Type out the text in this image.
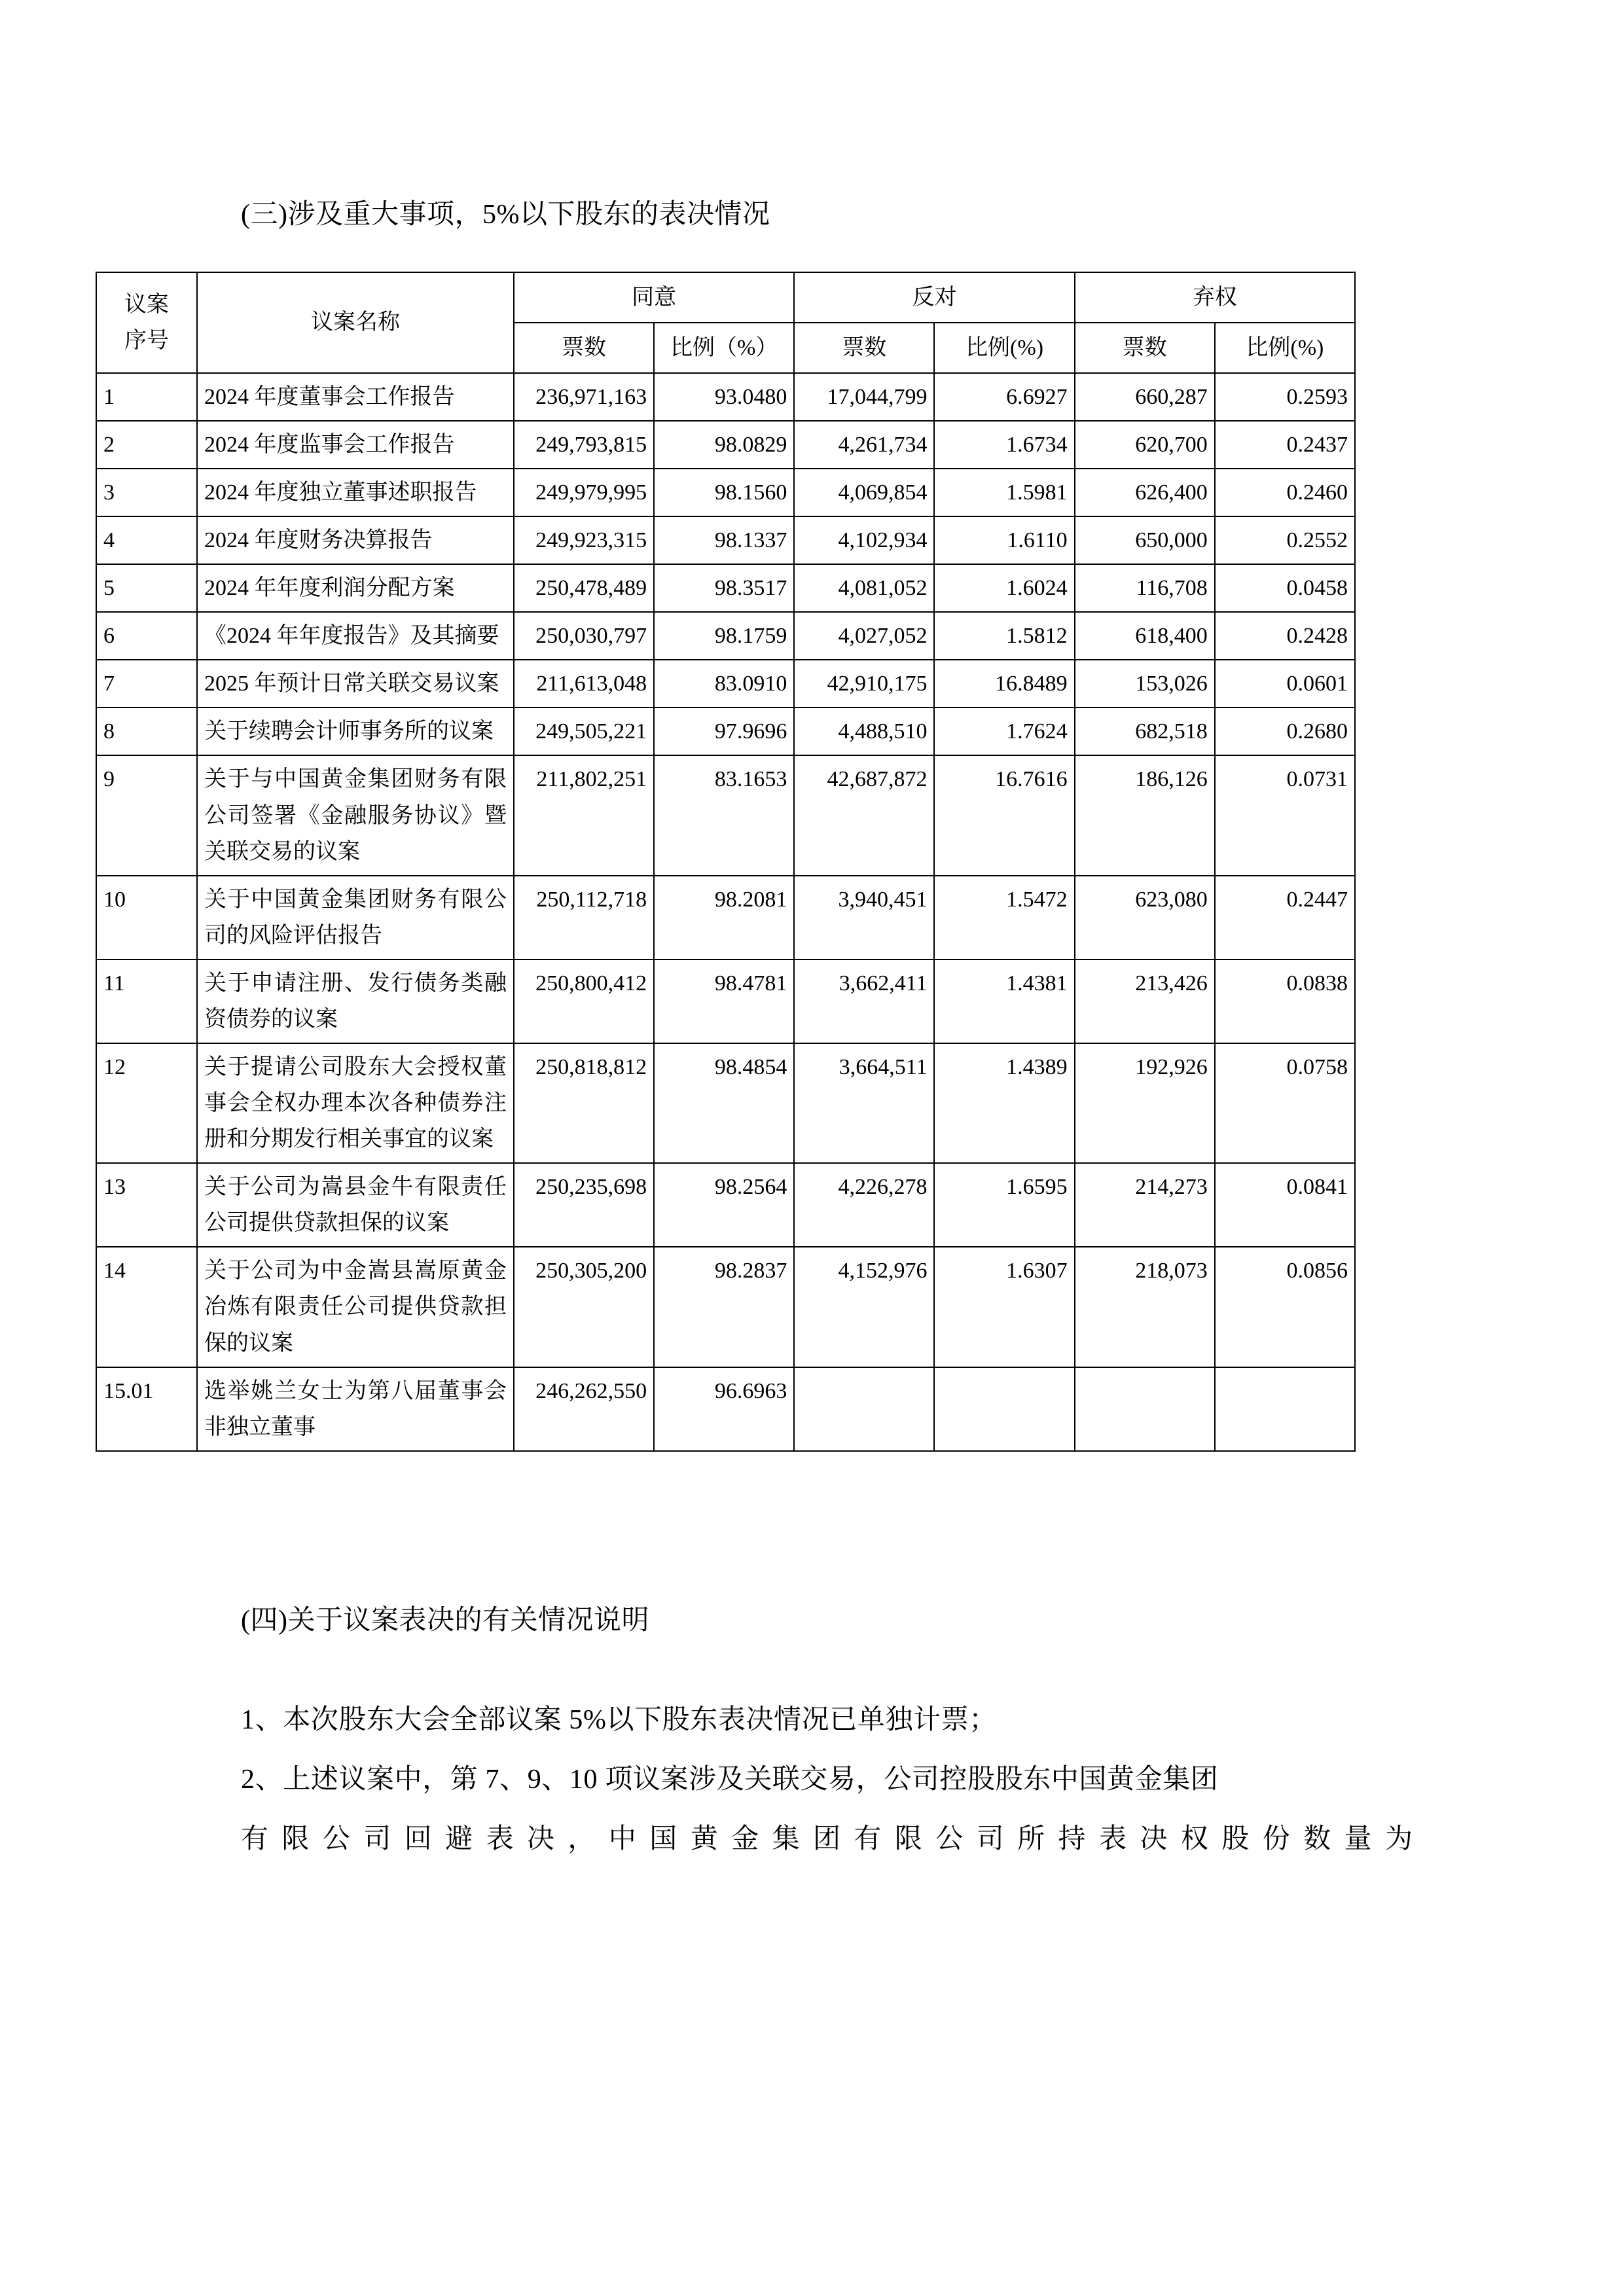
(三)涉及重大事项，5%以下股东的表决情况

议案
序号	议案名称	同意		反对		弃权	
		票数	比例（%）	票数	比例(%)	票数	比例(%)
1	2024 年度董事会工作报告	236,971,163	93.0480	17,044,799	6.6927	660,287	0.2593
2	2024 年度监事会工作报告	249,793,815	98.0829	4,261,734	1.6734	620,700	0.2437
3	2024 年度独立董事述职报告	249,979,995	98.1560	4,069,854	1.5981	626,400	0.2460
4	2024 年度财务决算报告	249,923,315	98.1337	4,102,934	1.6110	650,000	0.2552
5	2024 年年度利润分配方案	250,478,489	98.3517	4,081,052	1.6024	116,708	0.0458
6	《2024 年年度报告》及其摘要	250,030,797	98.1759	4,027,052	1.5812	618,400	0.2428
7	2025 年预计日常关联交易议案	211,613,048	83.0910	42,910,175	16.8489	153,026	0.0601
8	关于续聘会计师事务所的议案	249,505,221	97.9696	4,488,510	1.7624	682,518	0.2680
9	关于与中国黄金集团财务有限公司签署《金融服务协议》暨关联交易的议案	211,802,251	83.1653	42,687,872	16.7616	186,126	0.0731
10	关于中国黄金集团财务有限公司的风险评估报告	250,112,718	98.2081	3,940,451	1.5472	623,080	0.2447
11	关于申请注册、发行债务类融资债券的议案	250,800,412	98.4781	3,662,411	1.4381	213,426	0.0838
12	关于提请公司股东大会授权董事会全权办理本次各种债券注册和分期发行相关事宜的议案	250,818,812	98.4854	3,664,511	1.4389	192,926	0.0758
13	关于公司为嵩县金牛有限责任公司提供贷款担保的议案	250,235,698	98.2564	4,226,278	1.6595	214,273	0.0841
14	关于公司为中金嵩县嵩原黄金冶炼有限责任公司提供贷款担保的议案	250,305,200	98.2837	4,152,976	1.6307	218,073	0.0856
15.01	选举姚兰女士为第八届董事会非独立董事	246,262,550	96.6963				

(四)关于议案表决的有关情况说明

1、本次股东大会全部议案 5%以下股东表决情况已单独计票；

2、上述议案中，第 7、9、10 项议案涉及关联交易，公司控股股东中国黄金集团

有限公司回避表决，中国黄金集团有限公司所持表决权股份数量为
